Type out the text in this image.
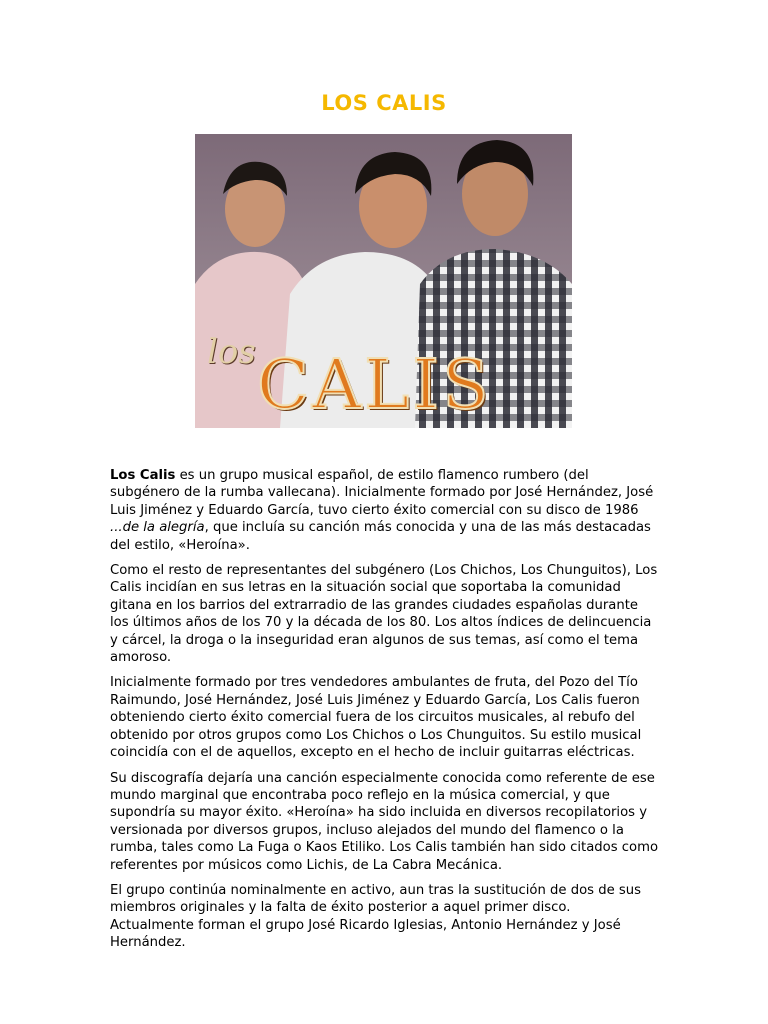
LOS CALIS
los CALIS

Los Calis es un grupo musical español, de estilo flamenco rumbero (del subgénero de la rumba vallecana). Inicialmente formado por José Hernández, José Luis Jiménez y Eduardo García, tuvo cierto éxito comercial con su disco de 1986 ...de la alegría, que incluía su canción más conocida y una de las más destacadas del estilo, «Heroína».

Como el resto de representantes del subgénero (Los Chichos, Los Chunguitos), Los Calis incidían en sus letras en la situación social que soportaba la comunidad gitana en los barrios del extrarradio de las grandes ciudades españolas durante los últimos años de los 70 y la década de los 80. Los altos índices de delincuencia y cárcel, la droga o la inseguridad eran algunos de sus temas, así como el tema amoroso.

Inicialmente formado por tres vendedores ambulantes de fruta, del Pozo del Tío Raimundo, José Hernández, José Luis Jiménez y Eduardo García, Los Calis fueron obteniendo cierto éxito comercial fuera de los circuitos musicales, al rebufo del obtenido por otros grupos como Los Chichos o Los Chunguitos. Su estilo musical coincidía con el de aquellos, excepto en el hecho de incluir guitarras eléctricas.

Su discografía dejaría una canción especialmente conocida como referente de ese mundo marginal que encontraba poco reflejo en la música comercial, y que supondría su mayor éxito. «Heroína» ha sido incluida en diversos recopilatorios y versionada por diversos grupos, incluso alejados del mundo del flamenco o la rumba, tales como La Fuga o Kaos Etiliko. Los Calis también han sido citados como referentes por músicos como Lichis, de La Cabra Mecánica.

El grupo continúa nominalmente en activo, aun tras la sustitución de dos de sus miembros originales y la falta de éxito posterior a aquel primer disco. Actualmente forman el grupo José Ricardo Iglesias, Antonio Hernández y José Hernández.
